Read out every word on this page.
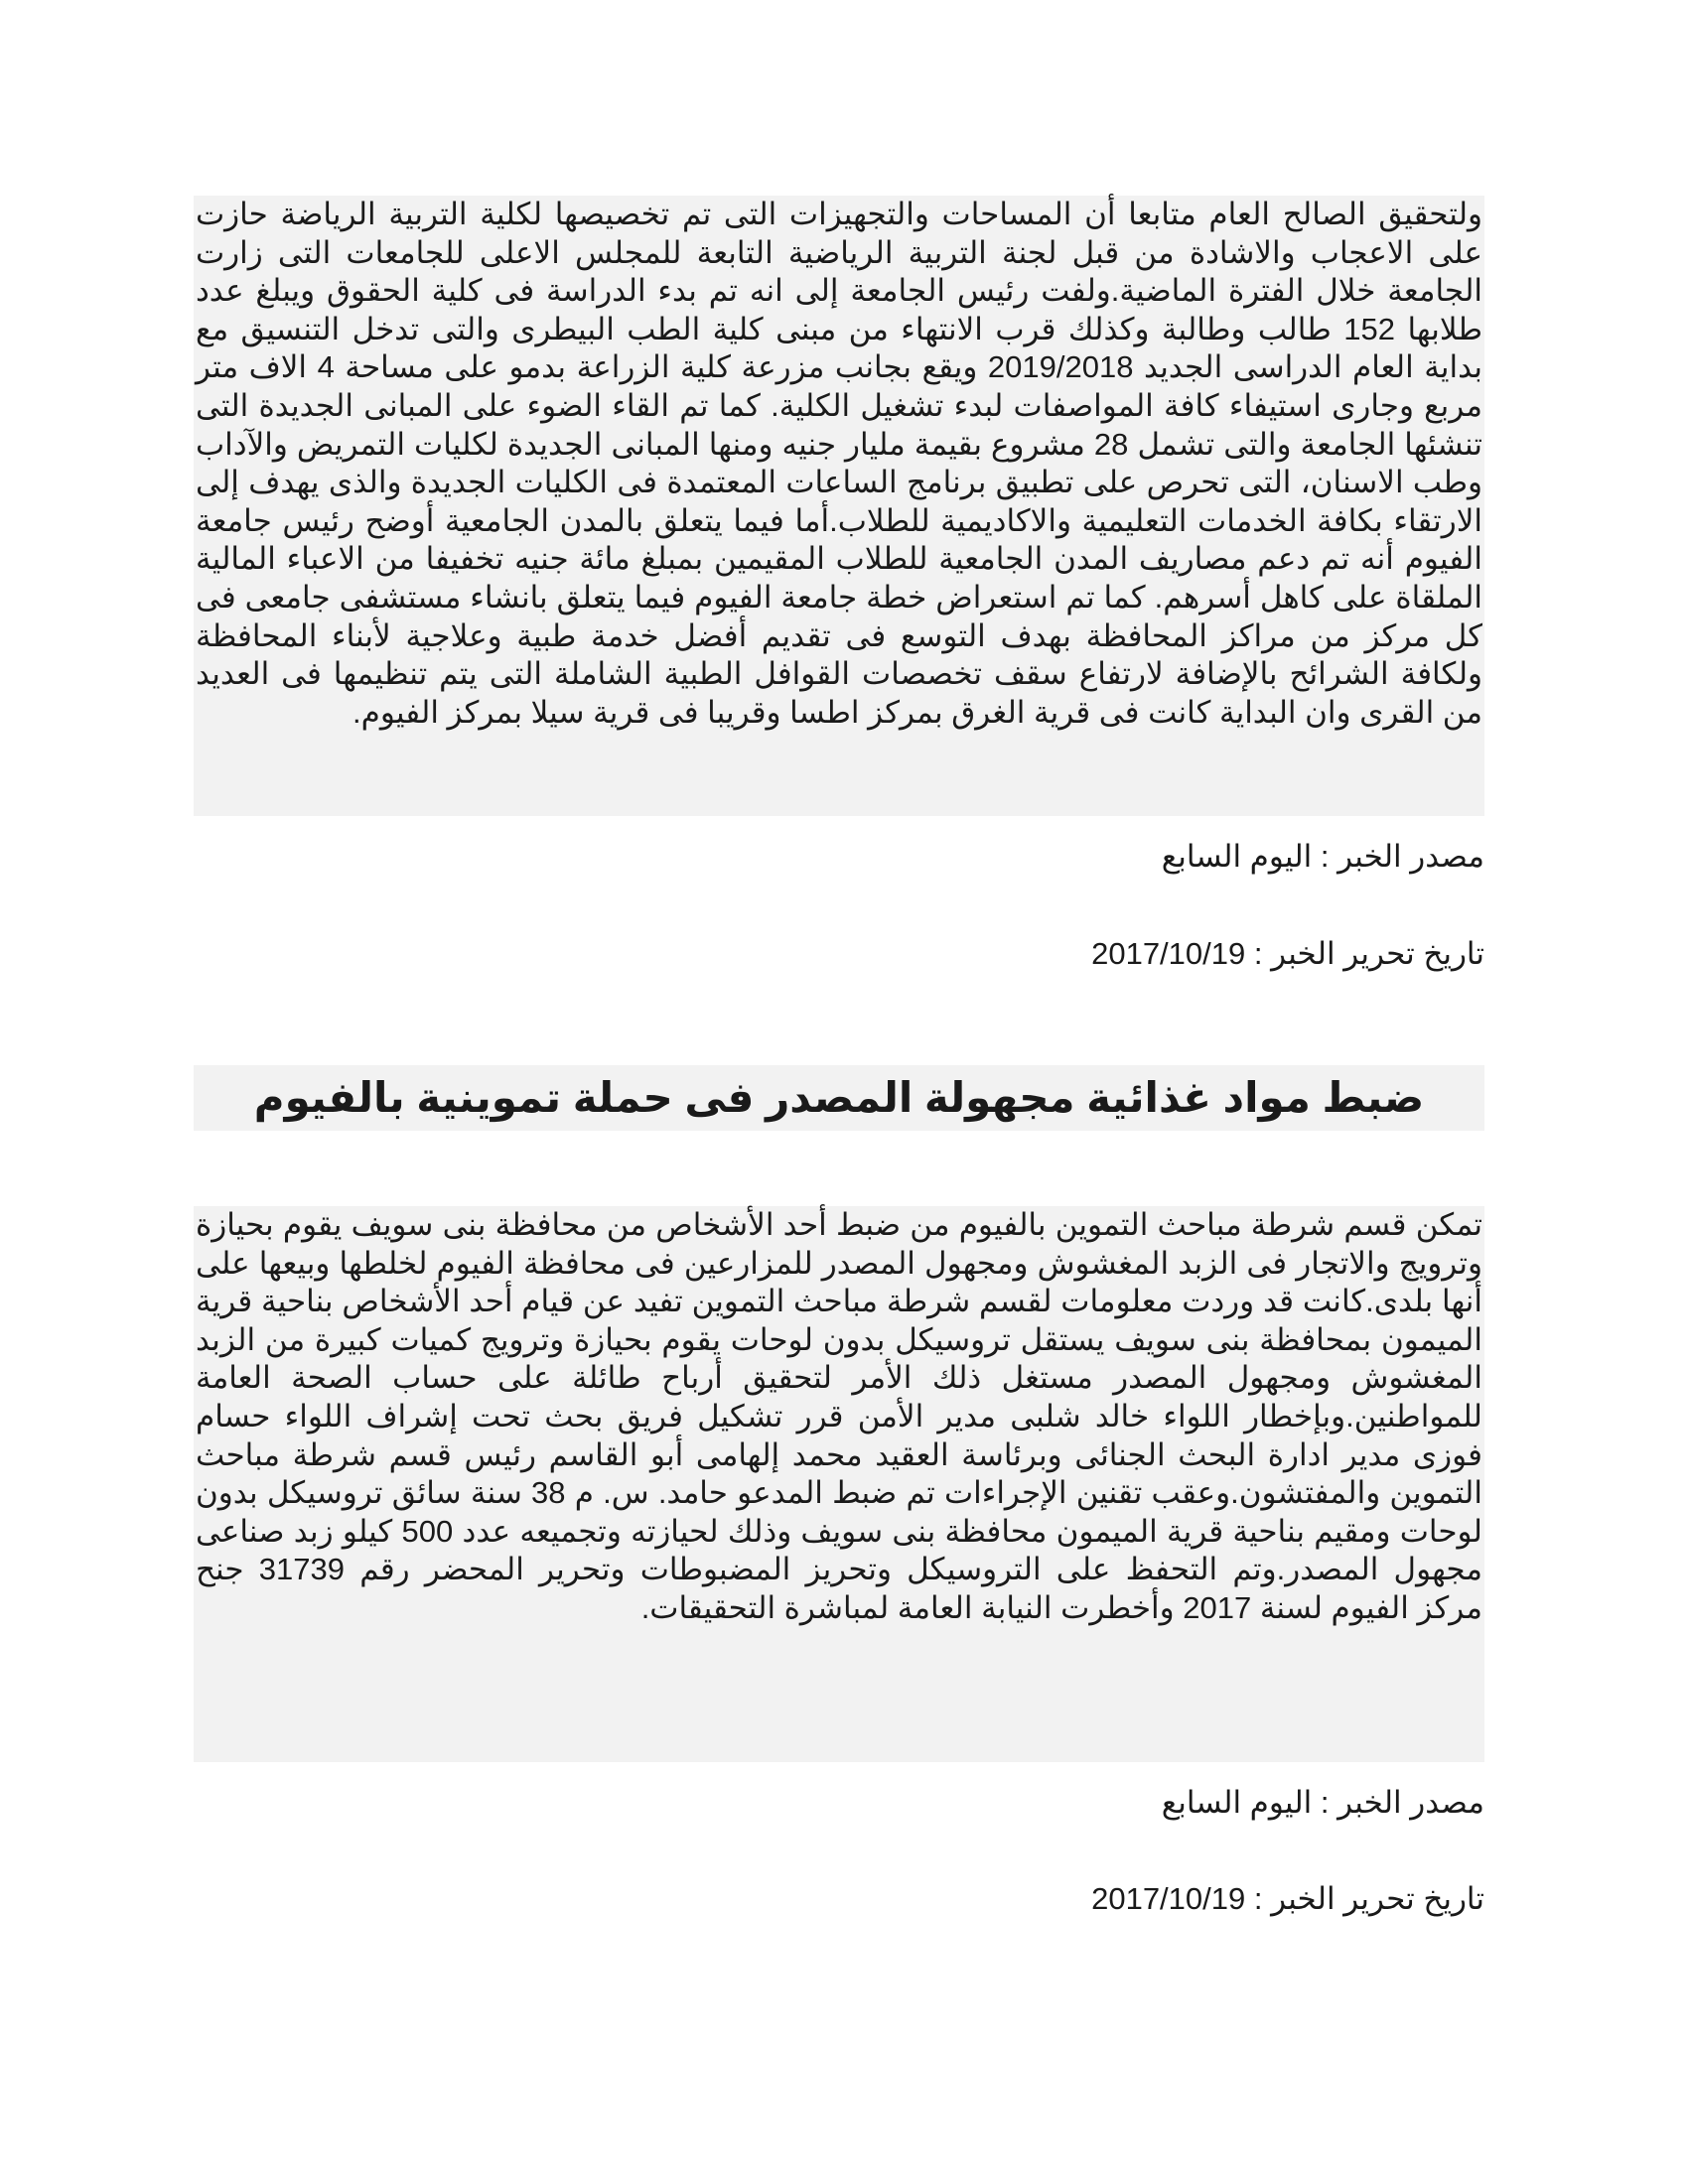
ولتحقيق الصالح العام متابعا أن المساحات والتجهيزات التى تم تخصيصها لكلية التربية الرياضة حازت على الاعجاب والاشادة من قبل لجنة التربية الرياضية التابعة للمجلس الاعلى للجامعات التى زارت الجامعة خلال الفترة الماضية.ولفت رئيس الجامعة إلى انه تم بدء الدراسة فى كلية الحقوق ويبلغ عدد طلابها 152 طالب وطالبة وكذلك قرب الانتهاء من مبنى كلية الطب البيطرى والتى تدخل التنسيق مع بداية العام الدراسى الجديد 2019/2018 ويقع بجانب مزرعة كلية الزراعة بدمو على مساحة 4 الاف متر مربع وجارى استيفاء كافة المواصفات لبدء تشغيل الكلية. كما تم القاء الضوء على المبانى الجديدة التى تنشئها الجامعة والتى تشمل 28 مشروع بقيمة مليار جنيه ومنها المبانى الجديدة لكليات التمريض والآداب وطب الاسنان، التى تحرص على تطبيق برنامج الساعات المعتمدة فى الكليات الجديدة والذى يهدف إلى الارتقاء بكافة الخدمات التعليمية والاكاديمية للطلاب.أما فيما يتعلق بالمدن الجامعية أوضح رئيس جامعة الفيوم أنه تم دعم مصاريف المدن الجامعية للطلاب المقيمين بمبلغ مائة جنيه تخفيفا من الاعباء المالية الملقاة على كاهل أسرهم. كما تم استعراض خطة جامعة الفيوم فيما يتعلق بانشاء مستشفى جامعى فى كل مركز من مراكز المحافظة بهدف التوسع فى تقديم أفضل خدمة طبية وعلاجية لأبناء المحافظة ولكافة الشرائح بالإضافة لارتفاع سقف تخصصات القوافل الطبية الشاملة التى يتم تنظيمها فى العديد من القرى وان البداية كانت فى قرية الغرق بمركز اطسا وقريبا فى قرية سيلا بمركز الفيوم.

مصدر الخبر : اليوم السابع
تاريخ تحرير الخبر : 2017/10/19
ضبط مواد غذائية مجهولة المصدر فى حملة تموينية بالفيوم

تمكن قسم شرطة مباحث التموين بالفيوم من ضبط أحد الأشخاص من محافظة بنى سويف يقوم بحيازة وترويج والاتجار فى الزبد المغشوش ومجهول المصدر للمزارعين فى محافظة الفيوم لخلطها وبيعها على أنها بلدى.كانت قد وردت معلومات لقسم شرطة مباحث التموين تفيد عن قيام أحد الأشخاص بناحية قرية الميمون بمحافظة بنى سويف يستقل تروسيكل بدون لوحات يقوم بحيازة وترويج كميات كبيرة من الزبد المغشوش ومجهول المصدر مستغل ذلك الأمر لتحقيق أرباح طائلة على حساب الصحة العامة للمواطنين.وبإخطار اللواء خالد شلبى مدير الأمن قرر تشكيل فريق بحث تحت إشراف اللواء حسام فوزى مدير ادارة البحث الجنائى وبرئاسة العقيد محمد إلهامى أبو القاسم رئيس قسم شرطة مباحث التموين والمفتشون.وعقب تقنين الإجراءات تم ضبط المدعو حامد. س. م 38 سنة سائق تروسيكل بدون لوحات ومقيم بناحية قرية الميمون محافظة بنى سويف وذلك لحيازته وتجميعه عدد 500 كيلو زبد صناعى مجهول المصدر.وتم التحفظ على التروسيكل وتحريز المضبوطات وتحرير المحضر رقم 31739 جنح مركز الفيوم لسنة 2017 وأخطرت النيابة العامة لمباشرة التحقيقات.

مصدر الخبر : اليوم السابع
تاريخ تحرير الخبر : 2017/10/19
